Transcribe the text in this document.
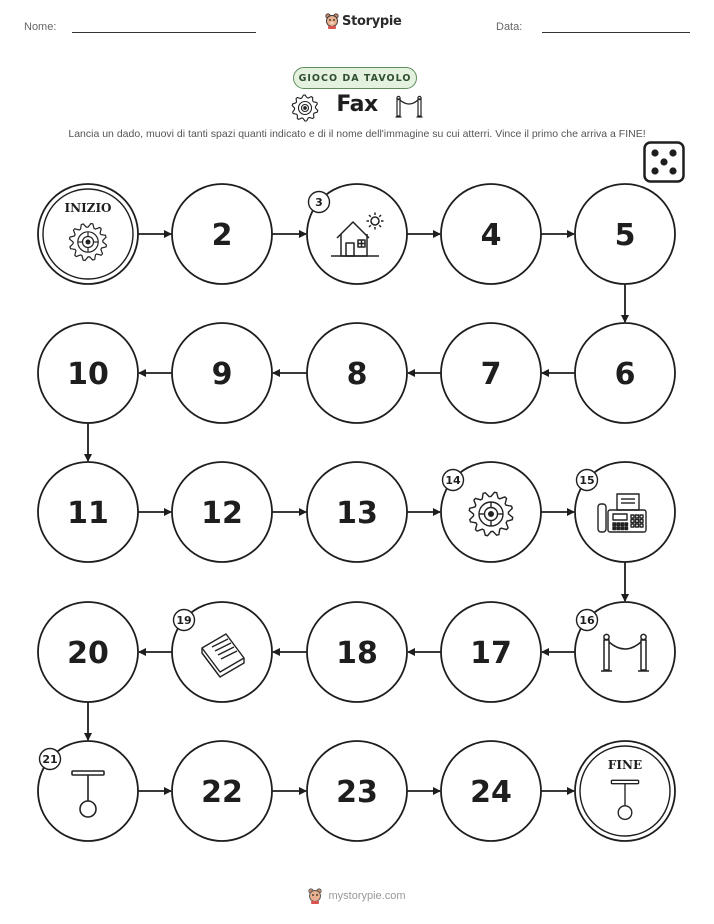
Nome:	Storypie	Data:
GIOCO DA TAVOLO
Fax
Lancia un dado, muovi di tanti spazi quanti indicato e di il nome dell'immagine su cui atterri. Vince il primo che arriva a FINE!
INIZIO
2
3
4	5
6
7
8
9
10
11	12	13
14	15
16
17
18
19
20
21
22	23	24
FINE
mystorypie.com
